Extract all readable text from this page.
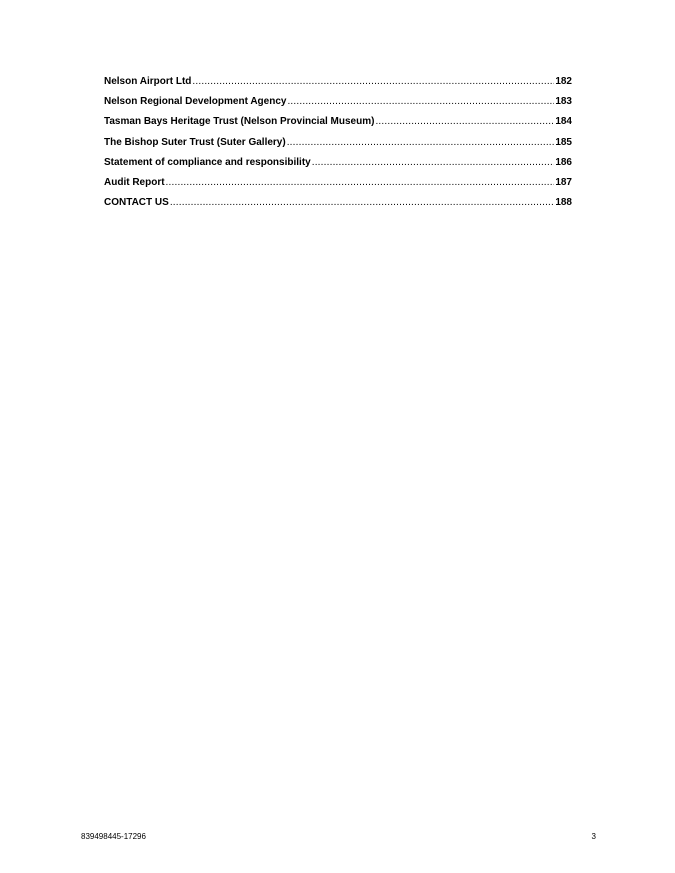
Nelson Airport Ltd .....	182
Nelson Regional Development Agency .....	183
Tasman Bays Heritage Trust (Nelson Provincial Museum) .....	184
The Bishop Suter Trust (Suter Gallery) .....	185
Statement of compliance and responsibility .....	186
Audit Report .....	187
CONTACT US .....	188
839498445-17296	3
